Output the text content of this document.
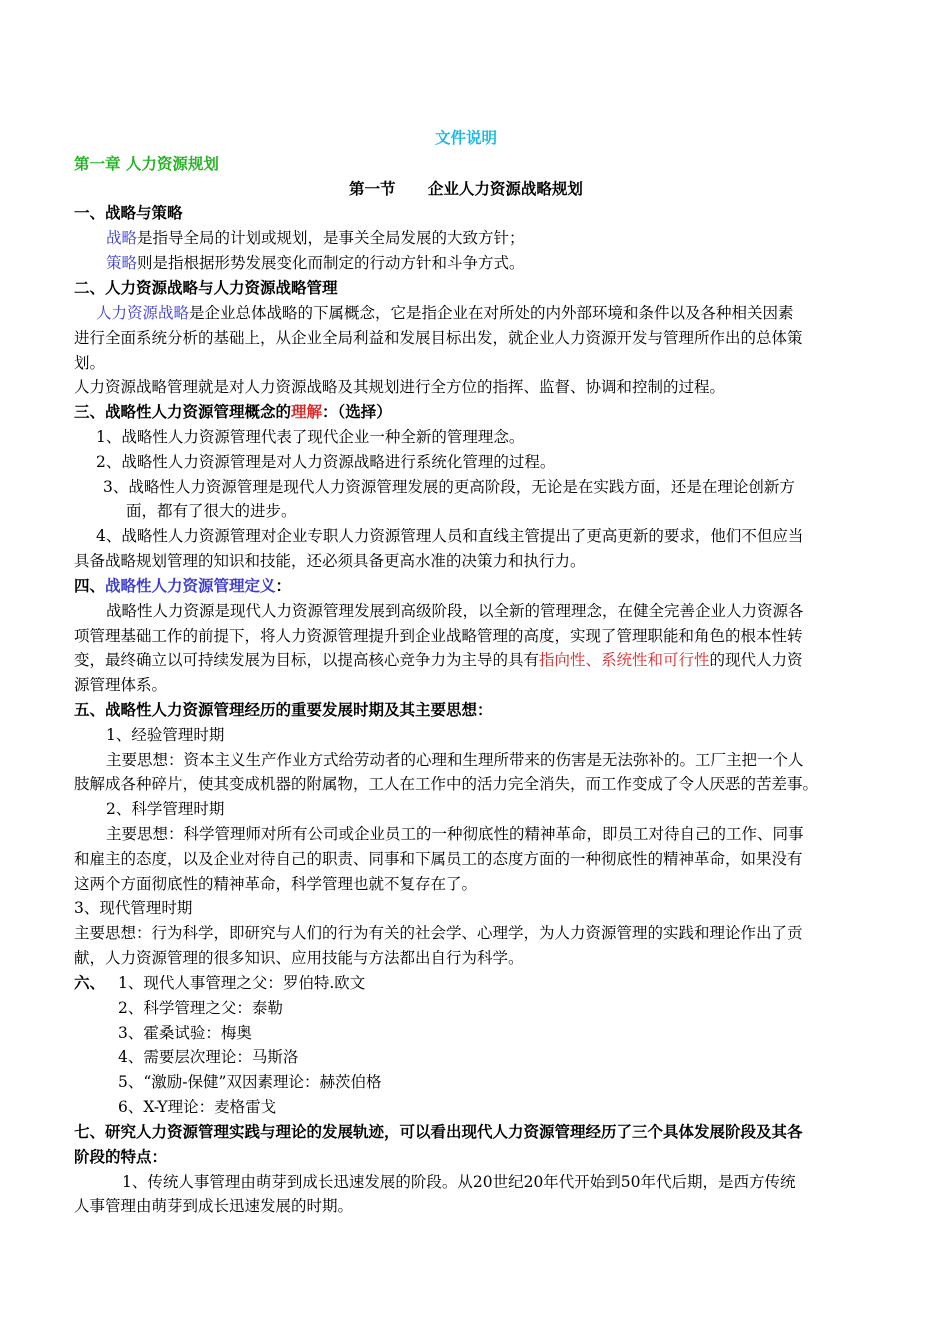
文件说明
第一章 人力资源规划
第一节      企业人力资源战略规划
一、战略与策略
战略是指导全局的计划或规划，是事关全局发展的大致方针；
策略则是指根据形势发展变化而制定的行动方针和斗争方式。
二、人力资源战略与人力资源战略管理
人力资源战略是企业总体战略的下属概念，它是指企业在对所处的内外部环境和条件以及各种相关因素
进行全面系统分析的基础上，从企业全局利益和发展目标出发，就企业人力资源开发与管理所作出的总体策
划。
人力资源战略管理就是对人力资源战略及其规划进行全方位的指挥、监督、协调和控制的过程。
三、战略性人力资源管理概念的理解：（选择）
1、战略性人力资源管理代表了现代企业一种全新的管理理念。
2、战略性人力资源管理是对人力资源战略进行系统化管理的过程。
3、战略性人力资源管理是现代人力资源管理发展的更高阶段，无论是在实践方面，还是在理论创新方
面，都有了很大的进步。
4、战略性人力资源管理对企业专职人力资源管理人员和直线主管提出了更高更新的要求，他们不但应当
具备战略规划管理的知识和技能，还必须具备更高水准的决策力和执行力。
四、战略性人力资源管理定义：
战略性人力资源是现代人力资源管理发展到高级阶段，以全新的管理理念，在健全完善企业人力资源各
项管理基础工作的前提下，将人力资源管理提升到企业战略管理的高度，实现了管理职能和角色的根本性转
变，最终确立以可持续发展为目标，以提高核心竞争力为主导的具有指向性、系统性和可行性的现代人力资
源管理体系。
五、战略性人力资源管理经历的重要发展时期及其主要思想：
1、经验管理时期
主要思想：资本主义生产作业方式给劳动者的心理和生理所带来的伤害是无法弥补的。工厂主把一个人
肢解成各种碎片，使其变成机器的附属物，工人在工作中的活力完全消失，而工作变成了令人厌恶的苦差事。
2、科学管理时期
主要思想：科学管理师对所有公司或企业员工的一种彻底性的精神革命，即员工对待自己的工作、同事
和雇主的态度，以及企业对待自己的职责、同事和下属员工的态度方面的一种彻底性的精神革命，如果没有
这两个方面彻底性的精神革命，科学管理也就不复存在了。
3、现代管理时期
主要思想：行为科学，即研究与人们的行为有关的社会学、心理学，为人力资源管理的实践和理论作出了贡
献，人力资源管理的很多知识、应用技能与方法都出自行为科学。
六、 1、现代人事管理之父：罗伯特.欧文
2、科学管理之父：泰勒
3、霍桑试验：梅奥
4、需要层次理论：马斯洛
5、“激励-保健”双因素理论：赫茨伯格
6、X-Y理论：麦格雷戈
七、研究人力资源管理实践与理论的发展轨迹，可以看出现代人力资源管理经历了三个具体发展阶段及其各
阶段的特点：
1、传统人事管理由萌芽到成长迅速发展的阶段。从20世纪20年代开始到50年代后期，是西方传统
人事管理由萌芽到成长迅速发展的时期。
